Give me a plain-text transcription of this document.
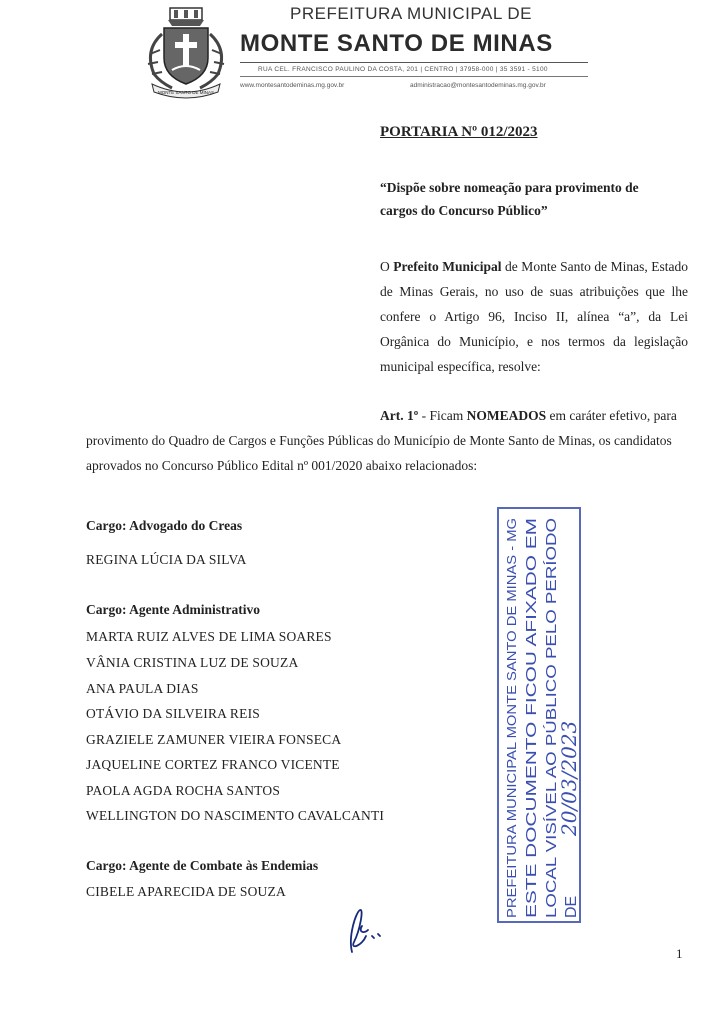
MONTE SANTO DE MINAS
PREFEITURA MUNICIPAL DE
MONTE SANTO DE MINAS
RUA CEL. FRANCISCO PAULINO DA COSTA, 201 | CENTRO | 37958-000 | 35 3591 - 5100
www.montesantodeminas.mg.gov.br	administracao@montesantodeminas.mg.gov.br
PORTARIA Nº 012/2023
“Dispõe sobre nomeação para provimento de cargos do Concurso Público”
O Prefeito Municipal de Monte Santo de Minas, Estado de Minas Gerais, no uso de suas atribuições que lhe confere o Artigo 96, Inciso II, alínea “a”, da Lei Orgânica do Município, e nos termos da legislação municipal específica, resolve:
Art. 1º - Ficam NOMEADOS em caráter efetivo, para provimento do Quadro de Cargos e Funções Públicas do Município de Monte Santo de Minas, os candidatos aprovados no Concurso Público Edital nº 001/2020 abaixo relacionados:
Cargo: Advogado do Creas
REGINA LÚCIA DA SILVA
Cargo: Agente Administrativo
MARTA RUIZ ALVES DE LIMA SOARES
VÂNIA CRISTINA LUZ DE SOUZA
ANA PAULA DIAS
OTÁVIO DA SILVEIRA REIS
GRAZIELE ZAMUNER VIEIRA FONSECA
JAQUELINE CORTEZ FRANCO VICENTE
PAOLA AGDA ROCHA SANTOS
WELLINGTON DO NASCIMENTO CAVALCANTI
Cargo: Agente de Combate às Endemias
CIBELE APARECIDA DE SOUZA	PREFEITURA MUNICIPAL MONTE SANTO DE MINAS - MG ESTE DOCUMENTO FICOU AFIXADO EM LOCAL VISÍVEL AO PÚBLICO PELO PERÍODO DE
20/03/2023
1
